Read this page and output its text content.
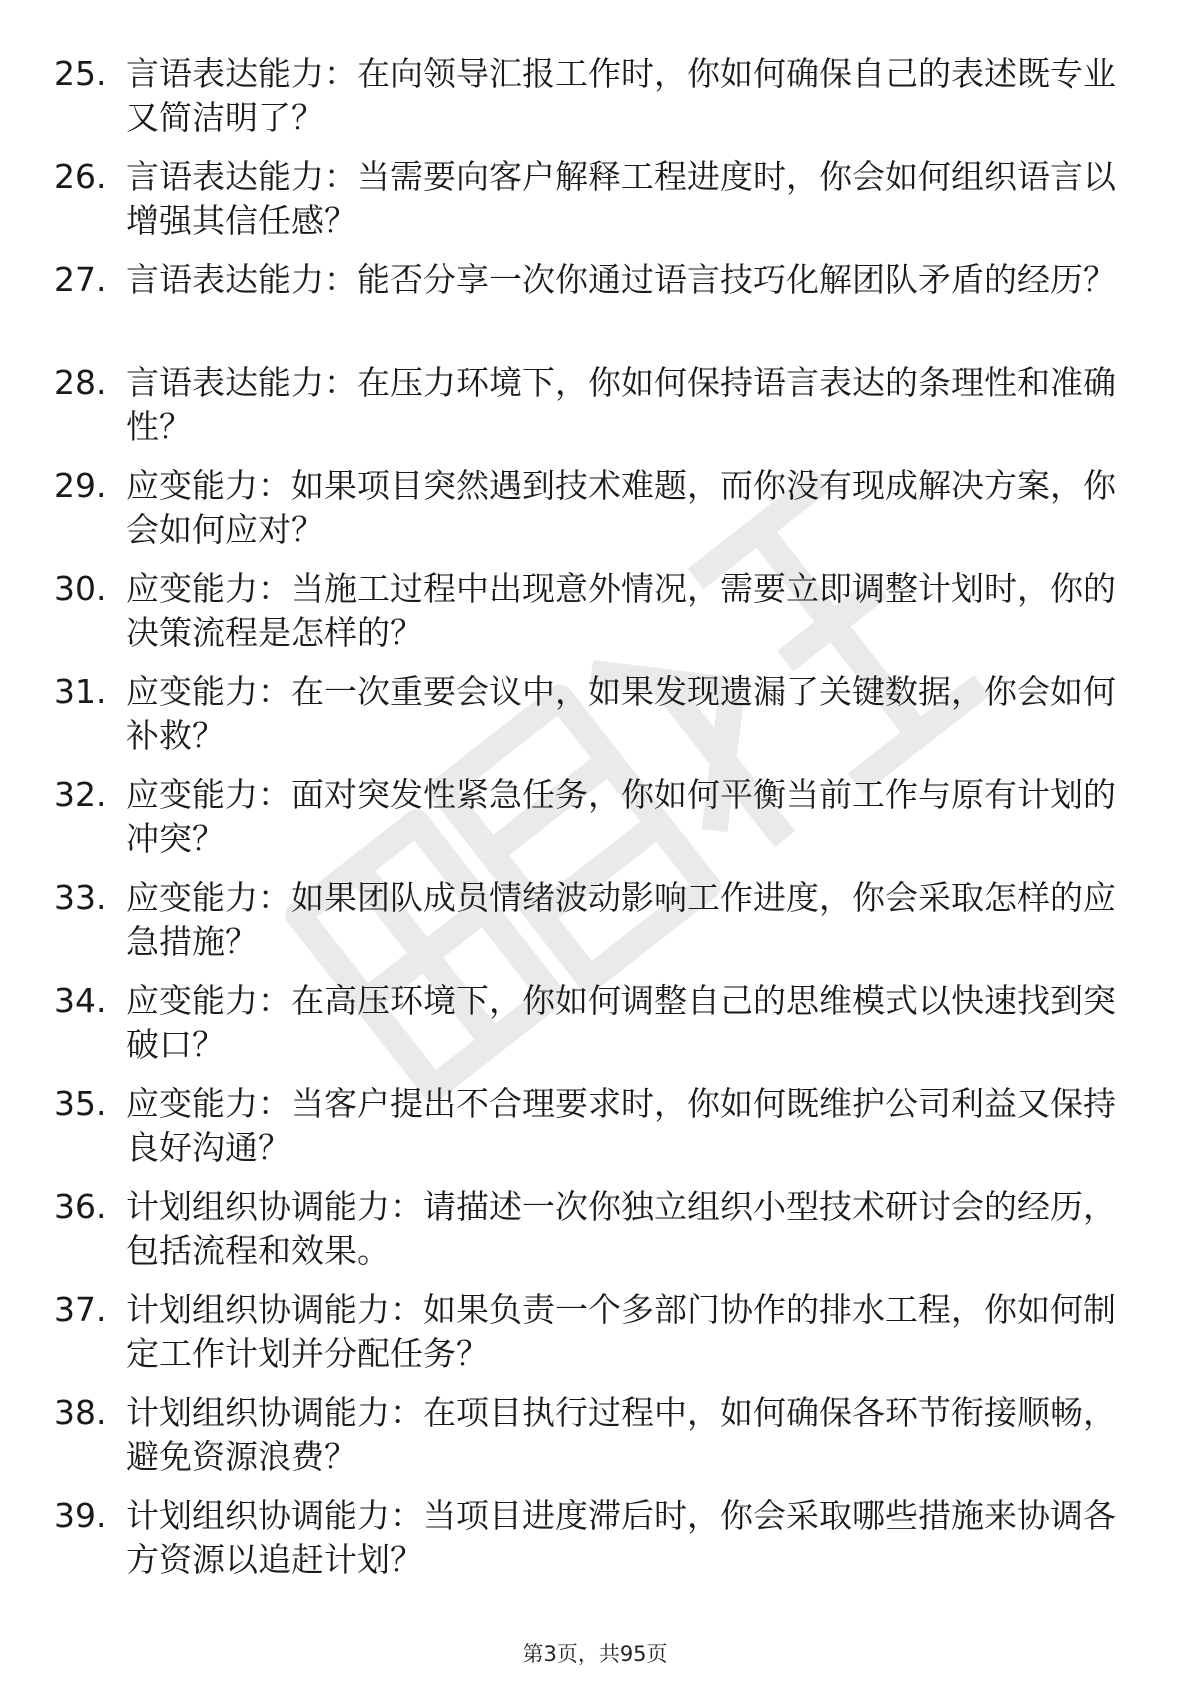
25. 言语表达能力：在向领导汇报工作时，你如何确保自己的表述既专业又简洁明了？
26. 言语表达能力：当需要向客户解释工程进度时，你会如何组织语言以增强其信任感？
27. 言语表达能力：能否分享一次你通过语言技巧化解团队矛盾的经历？
28. 言语表达能力：在压力环境下，你如何保持语言表达的条理性和准确性？
29. 应变能力：如果项目突然遇到技术难题，而你没有现成解决方案，你会如何应对？
30. 应变能力：当施工过程中出现意外情况，需要立即调整计划时，你的决策流程是怎样的？
31. 应变能力：在一次重要会议中，如果发现遗漏了关键数据，你会如何补救？
32. 应变能力：面对突发性紧急任务，你如何平衡当前工作与原有计划的冲突？
33. 应变能力：如果团队成员情绪波动影响工作进度，你会采取怎样的应急措施？
34. 应变能力：在高压环境下，你如何调整自己的思维模式以快速找到突破口？
35. 应变能力：当客户提出不合理要求时，你如何既维护公司利益又保持良好沟通？
36. 计划组织协调能力：请描述一次你独立组织小型技术研讨会的经历，包括流程和效果。
37. 计划组织协调能力：如果负责一个多部门协作的排水工程，你如何制定工作计划并分配任务？
38. 计划组织协调能力：在项目执行过程中，如何确保各环节衔接顺畅，避免资源浪费？
39. 计划组织协调能力：当项目进度滞后时，你会采取哪些措施来协调各方资源以追赶计划？
第3页，共95页
